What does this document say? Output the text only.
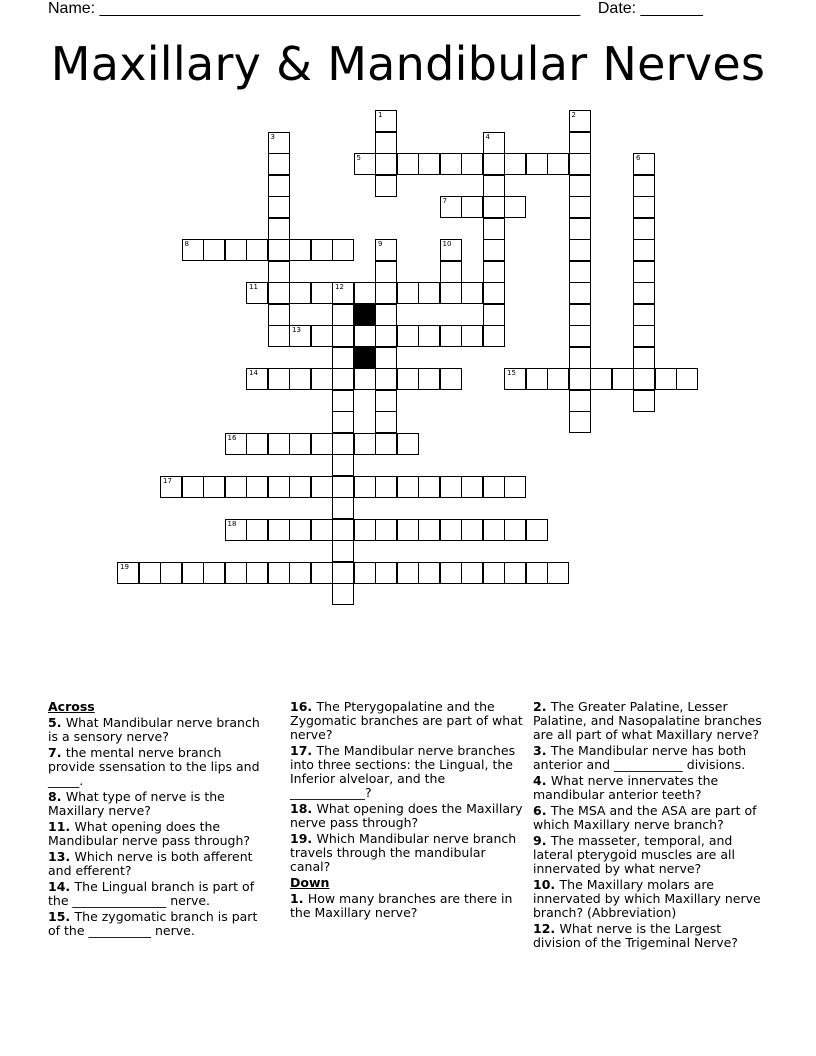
Name: ______________________________________________________    Date: _______
Maxillary & Mandibular Nerves
5
7
8
11	12
13
14	15
16
17
18
19
1	2
3	4
6
9	10
Across
5. What Mandibular nerve branch is a sensory nerve?
7. the mental nerve branch provide ssensation to the lips and _____.
8. What type of nerve is the Maxillary nerve?
11. What opening does the Mandibular nerve pass through?
13. Which nerve is both afferent and efferent?
14. The Lingual branch is part of the _______________ nerve.
15. The zygomatic branch is part of the __________ nerve.
16. The Pterygopalatine and the Zygomatic branches are part of what nerve?
17. The Mandibular nerve branches into three sections: the Lingual, the Inferior alveloar, and the ____________?
18. What opening does the Maxillary nerve pass through?
19. Which Mandibular nerve branch travels through the mandibular canal?
Down
1. How many branches are there in the Maxillary nerve?
2. The Greater Palatine, Lesser Palatine, and Nasopalatine branches are all part of what Maxillary nerve?
3. The Mandibular nerve has both anterior and ___________ divisions.
4. What nerve innervates the mandibular anterior teeth?
6. The MSA and the ASA are part of which Maxillary nerve branch?
9. The masseter, temporal, and lateral pterygoid muscles are all innervated by what nerve?
10. The Maxillary molars are innervated by which Maxillary nerve branch? (Abbreviation)
12. What nerve is the Largest division of the Trigeminal Nerve?
